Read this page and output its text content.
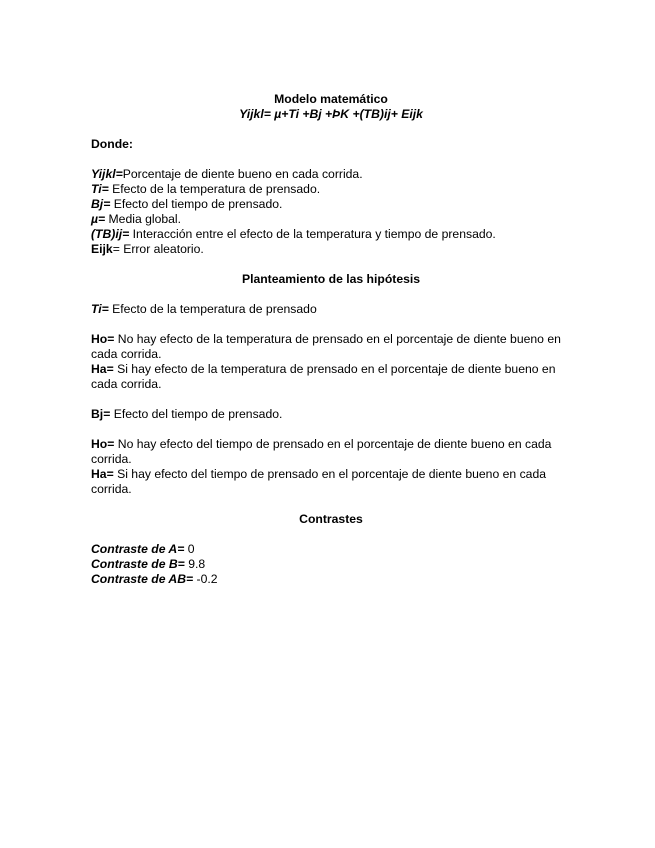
Modelo matemático
Yijkl= µ+Ti +Bj +ÞK +(TB)ij+ Eijk

Donde:

Yijkl=Porcentaje de diente bueno en cada corrida.

Ti= Efecto de la temperatura de prensado.

Bj= Efecto del tiempo de prensado.

µ= Media global.

(TB)ij= Interacción entre el efecto de la temperatura y tiempo de prensado.

Eijk= Error aleatorio.

Planteamiento de las hipótesis

Ti= Efecto de la temperatura de prensado

Ho= No hay efecto de la temperatura de prensado en el porcentaje de diente bueno en cada corrida.

Ha= Si hay efecto de la temperatura de prensado en el porcentaje de diente bueno en cada corrida.

Bj= Efecto del tiempo de prensado.

Ho= No hay efecto del tiempo de prensado en el porcentaje de diente bueno en cada corrida.

Ha= Si hay efecto del tiempo de prensado en el porcentaje de diente bueno en cada corrida.

Contrastes

Contraste de A= 0

Contraste de B= 9.8

Contraste de AB= -0.2
